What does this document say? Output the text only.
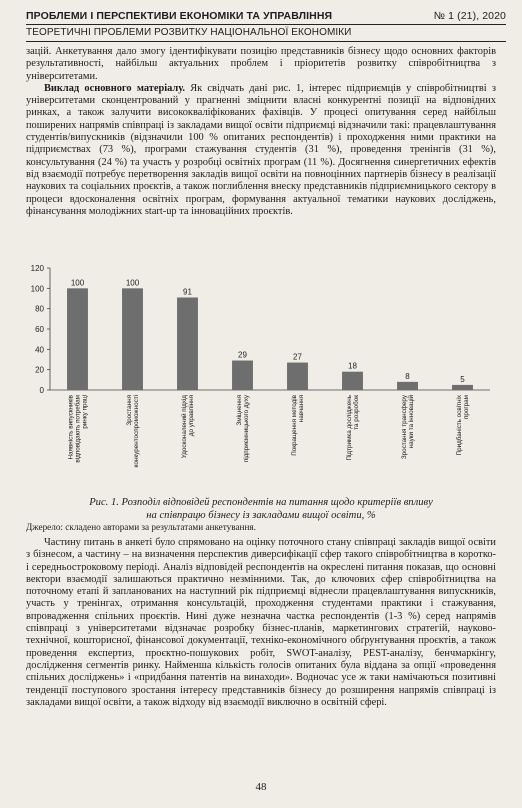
ПРОБЛЕМИ І ПЕРСПЕКТИВИ ЕКОНОМІКИ ТА УПРАВЛІННЯ	№ 1 (21), 2020
ТЕОРЕТИЧНІ ПРОБЛЕМИ РОЗВИТКУ НАЦІОНАЛЬНОЇ ЕКОНОМІКИ

зацій. Анкетування дало змогу ідентифікувати позицію представників бізнесу щодо основних факторів результативності, найбільш актуальних проблем і пріоритетів розвитку співробітництва з університетами.

Виклад основного матеріалу. Як свідчать дані рис. 1, інтерес підприємців у співробітництві з університетами сконцентрований у прагненні зміцнити власні конкурентні позиції на відповідних ринках, а також залучити висококваліфікованих фахівців. У процесі опитування серед найбільш поширених напрямів співпраці із закладами вищої освіти підприємці відзначили такі: працевлаштування студентів/випускників (відзначили 100 % опитаних респондентів) і проходження ними практики на підприємствах (73 %), програми стажування студентів (31 %), проведення тренінгів (31 %), консультування (24 %) та участь у розробці освітніх програм (11 %). Досягнення синергетичних ефектів від взаємодії потребує перетворення закладів вищої освіти на повноцінних партнерів бізнесу в реалізації наукових та соціальних проєктів, а також поглиблення внеску представників підприємницького сектору в процеси вдосконалення освітніх програм, формування актуальної тематики наукових досліджень, фінансування молодіжних start-up та інноваційних проєктів.

0
20
40
60
80
100
120
100
Наявність випускниківвідповідають потребамринку праці
100
Зростанняконкурентоспроможності
91
Удосконалений підхіддо управління
29
Зміцненняпідприємницького духу
27
Покращення методівнавчання
18
Підтримка дослідженьта розробок
8
Зростання трансферунауки та інновацій
5
Придбаність освітніхпрограм
Рис. 1. Розподіл відповідей респондентів на питання щодо критеріїв впливу
на співпрацю бізнесу із закладами вищої освіти, %
Джерело: складено авторами за результатами анкетування.
Частину питань в анкеті було спрямовано на оцінку поточного стану співпраці закладів вищої освіти з бізнесом, а частину – на визначення перспектив диверсифікації сфер такого співробітництва в коротко- і середньостроковому періоді. Аналіз відповідей респондентів на окреслені питання показав, що основні вектори взаємодії залишаються практично незмінними. Так, до ключових сфер співробітництва на поточному етапі й запланованих на наступний рік підприємці віднесли працевлаштування випускників, участь у тренінгах, отримання консультацій, проходження студентами практики і стажування, впровадження спільних проєктів. Нині дуже незначна частка респондентів (1-3 %) серед напрямів співпраці з університетами відзначає розробку бізнес-планів, маркетингових стратегій, науково-технічної, кошторисної, фінансової документації, техніко-економічного обґрунтування проєктів, а також проведення експертиз, проєктно-пошукових робіт, SWOT-аналізу, PEST-аналізу, бенчмаркінгу, дослідження сегментів ринку. Найменша кількість голосів опитаних була віддана за опції «проведення спільних досліджень» і «придбання патентів на винаходи». Водночас усе ж таки намічаються позитивні тенденції поступового зростання інтересу представників бізнесу до розширення напрямів співпраці із закладами вищої освіти, а також відходу від взаємодії виключно в освітній сфері.
48
